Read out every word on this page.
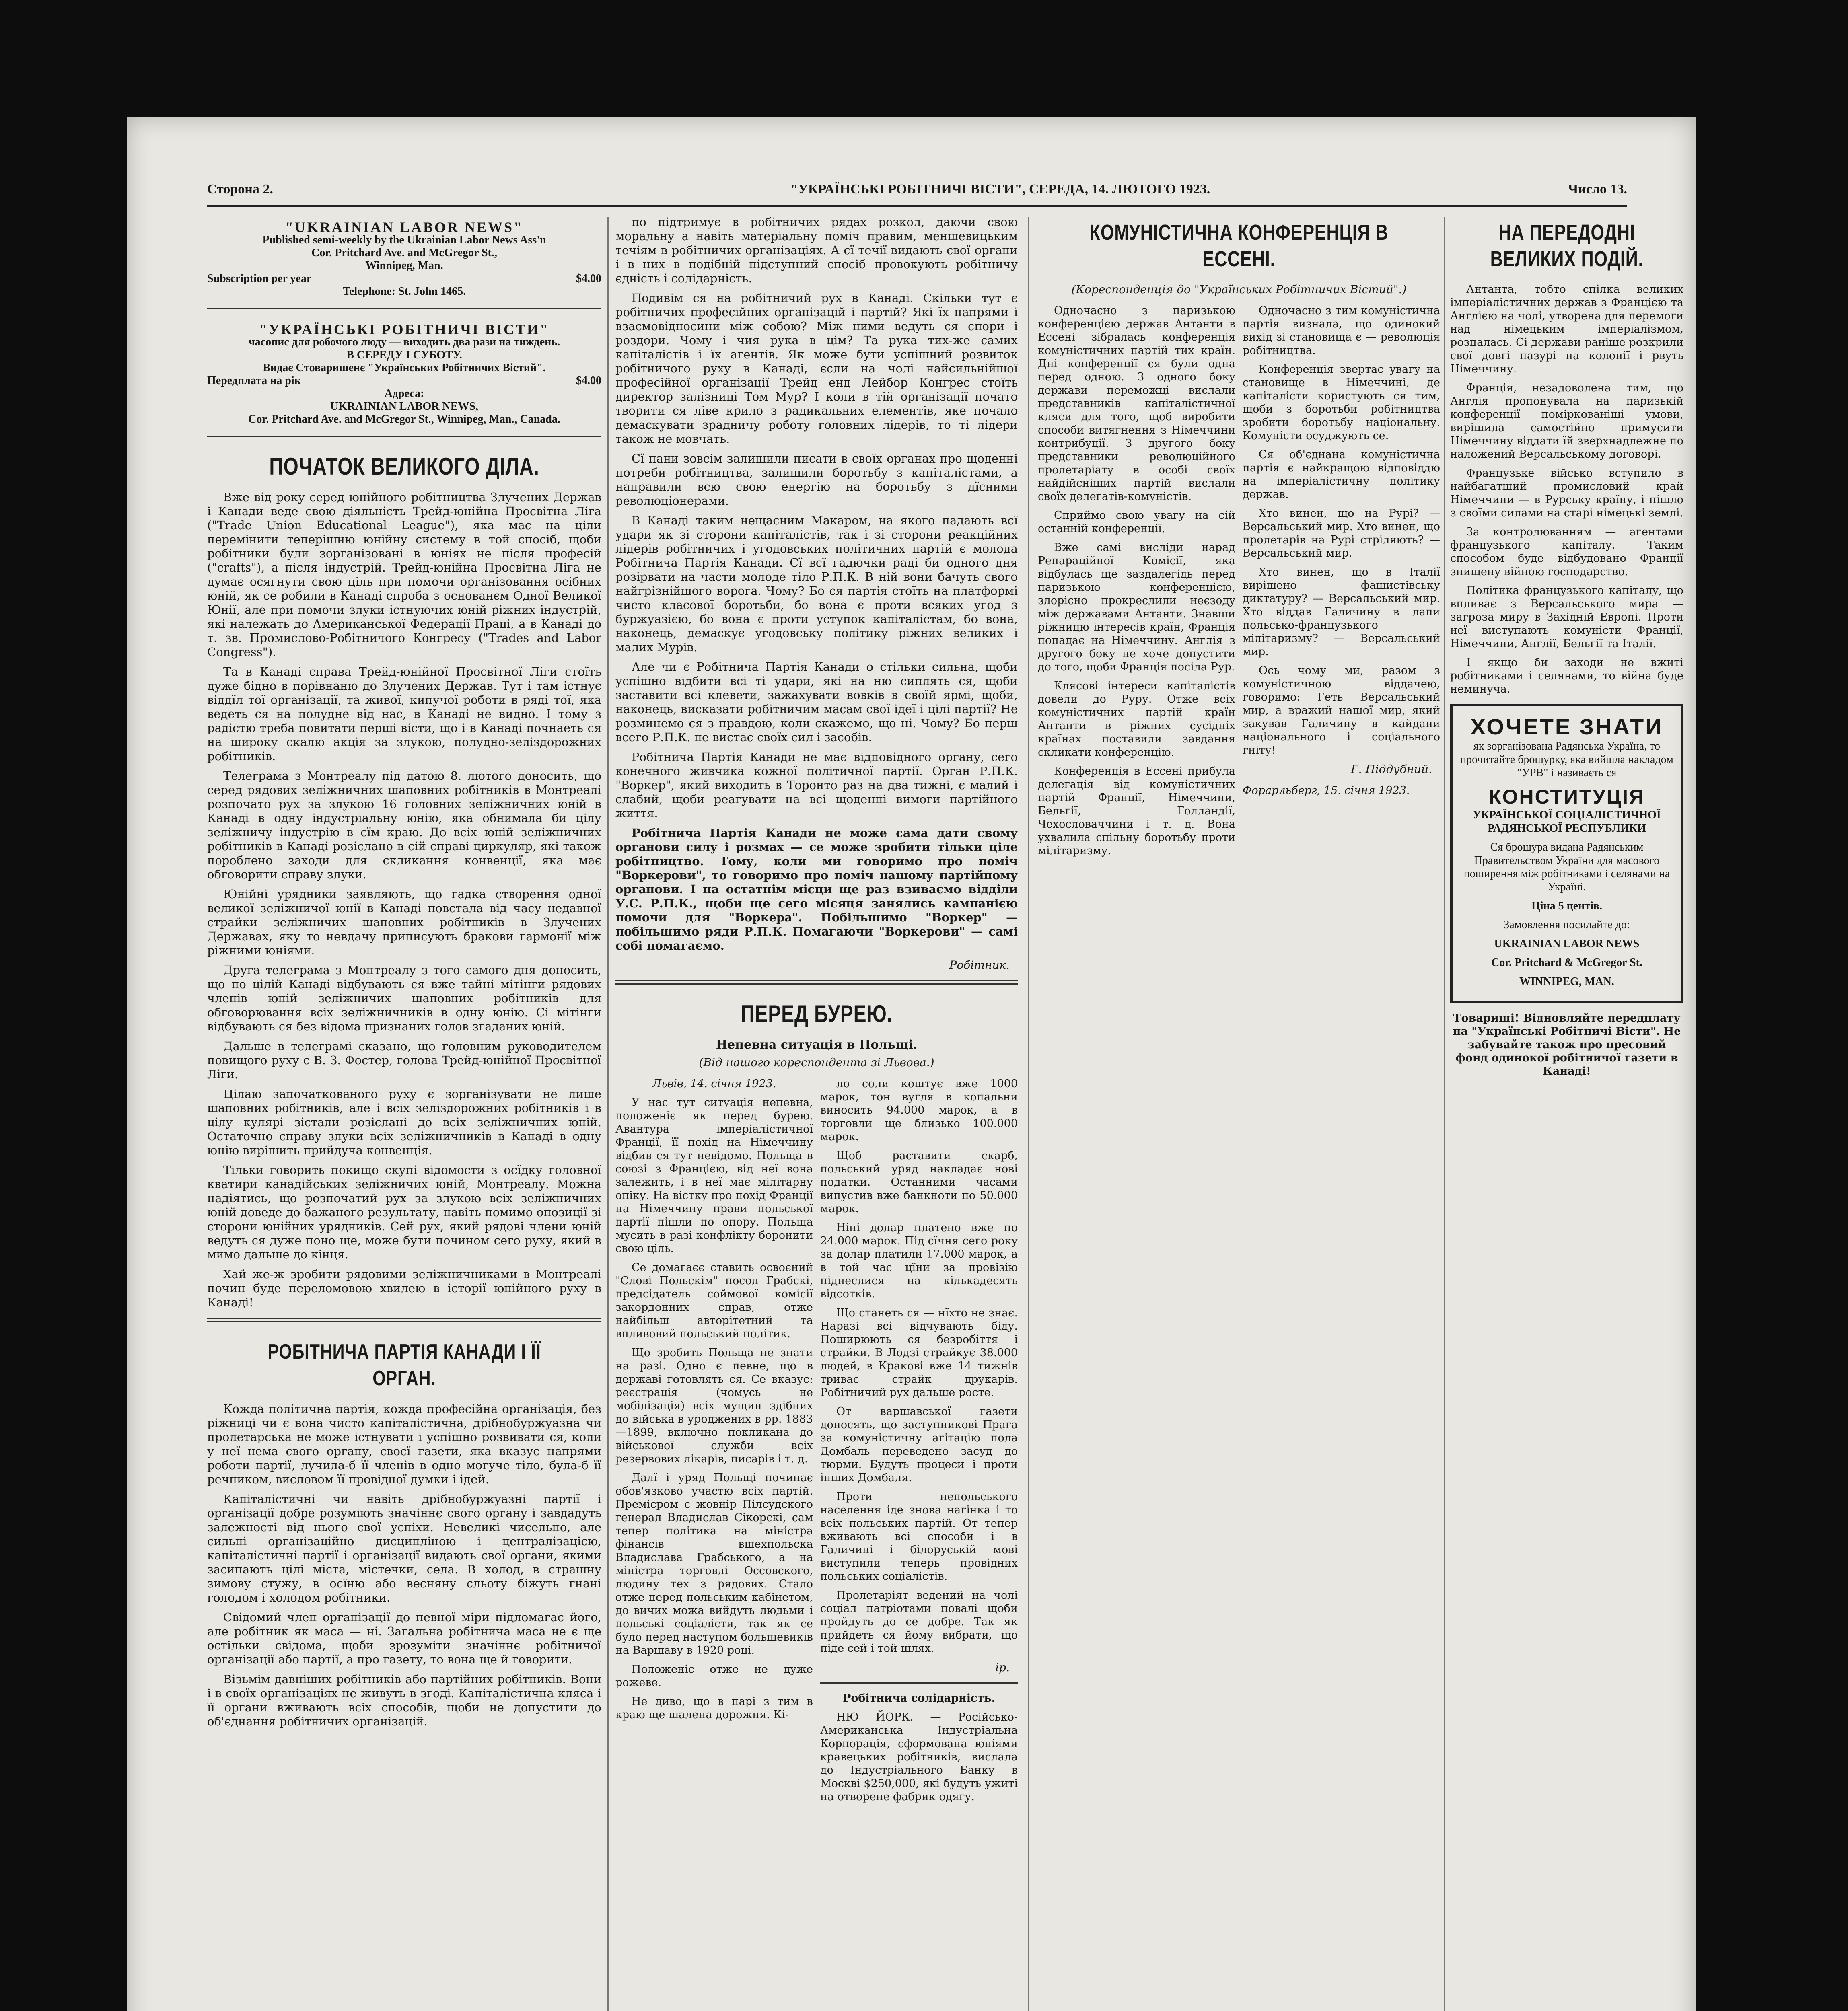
Сторона 2.	"УКРАЇНСЬКІ РОБІТНИЧІ ВІСТИ", СЕРЕДА, 14. ЛЮТОГО 1923.	Число 13.
"UKRAINIAN LABOR NEWS"
Published semi-weekly by the Ukrainian Labor News Ass'n
Cor. Pritchard Ave. and McGregor St.,
Winnipeg, Man.
Subscription per year	$4.00
Telephone: St. John 1465.
"УКРАЇНСЬКІ РОБІТНИЧІ ВІСТИ"
часопис для робочого люду — виходить два рази на тиждень.
В СЕРЕДУ І СУБОТУ.
Видає Стоваришенє "Українських Робітничих Вістий".
Передплата на рік	$4.00
Адреса:
UKRAINIAN LABOR NEWS,
Cor. Pritchard Ave. and McGregor St., Winnipeg, Man., Canada.
ПОЧАТОК ВЕЛИКОГО ДІЛА.

Вже від року серед юнійного робітництва Злучених Держав і Канади веде свою діяльність Трейд-юнійна Просвітна Ліга ("Trade Union Educational League"), яка має на ціли перемінити теперішню юнійну систему в той спосіб, щоби робітники були зорганізовані в юніях не після професій ("crafts"), а після індустрій. Трейд-юнійна Просвітна Ліга не думає осягнути свою ціль при помочи організовання осібних юній, як се робили в Канаді спроба з основанєм Одної Великої Юнії, але при помочи злуки істнуючих юній ріжних індустрій, які належать до Американської Федерації Праці, а в Канаді до т. зв. Промислово-Робітничого Конгресу ("Trades and Labor Congress").

Та в Канаді справа Трейд-юнійної Просвітної Ліги стоїть дуже бідно в порівнаню до Злучених Держав. Тут і там істнує віддїл тої організації, та живої, кипучої роботи в ряді тої, яка ведеть ся на полудне від нас, в Канаді не видно. І тому з радістю треба повитати перші вісти, що і в Канаді почнаеть ся на широку скалю акція за злукою, полудно-зеліздорожних робітників.

Телеграма з Монтреалу під датою 8. лютого доносить, що серед рядових зеліжничних шаповних робітників в Монтреалі розпочато рух за злукою 16 головних зеліжничних юній в Канаді в одну індустріальну юнію, яка обнимала би цілу зеліжничу індустрію в сїм краю. До всіх юній зеліжничних робітників в Канаді розіслано в сій справі циркуляр, які також пороблено заходи для скликання конвенції, яка має обговорити справу злуки.

Юнійні урядники заявляють, що гадка створення одної великої зеліжничої юнії в Канаді повстала від часу недавної страйки зеліжничих шаповних робітників в Злучених Державах, яку то невдачу приписують бракови гармонії між ріжними юніями.

Друга телеграма з Монтреалу з того самого дня доносить, що по цілій Канаді відбувають ся вже тайні мітінги рядових членів юній зеліжничих шаповних робітників для обговорювання всіх зеліжничників в одну юнію. Сі мітінги відбувають ся без відома признаних голов згаданих юній.

Дальше в телеграмі сказано, що головним руководителем повищого руху є В. З. Фостер, голова Трейд-юнійної Просвітної Ліги.

Цілаю започаткованого руху є зорганізувати не лише шаповних робітників, але і всіх зеліздорожних робітників і в цілу кулярі зістали розіслані до всіх зеліжничних юній. Остаточно справу злуки всіх зеліжничників в Канаді в одну юнію вирішить прийдуча конвенція.

Тільки говорить покищо скупі відомости з осїдку головної кватири канадійських зеліжничих юній, Монтреалу. Можна надіятись, що розпочатий рух за злукою всіх зеліжничних юній доведе до бажаного результату, навіть помимо опозиції зі сторони юнійних урядників. Сей рух, який рядові члени юній ведуть ся дуже поно ще, може бути почином сего руху, який в мимо дальше до кінця.

Хай же-ж зробити рядовими зеліжничниками в Монтреалі почин буде переломовою хвилею в історії юнійного руху в Канаді!

РОБІТНИЧА ПАРТІЯ КАНАДИ І ЇЇ ОРГАН.

Кожда політична партія, кожда професійна організація, без ріжниці чи є вона чисто капіталістична, дрібнобуржуазна чи пролетарська не може істнувати і успішно розвивати ся, коли у неї нема свого органу, своєї газети, яка вказує напрями роботи партії, лучила-б її членів в одно могуче тіло, була-б її речником, висловом її провідної думки і ідей.

Капіталістичні чи навіть дрібнобуржуазні партії і організації добре розуміють значіннє свого органу і завдадуть залежності від нього свої успіхи. Невеликі чисельно, але сильні організаційно дисципліною і централізацією, капіталістичні партії і організації видають свої органи, якими засипають цілі міста, містечки, села. В холод, в страшну зимову стужу, в осїню або весняну сльоту біжуть гнані голодом і холодом робітники.

Свідомий член організації до певної міри підломагає його, але робітник як маса — ні. Загальна робітнича маса не є ще остільки свідома, щоби зрозуміти значіннє робітничої організації або партії, а про газету, то вона ще й говорити.

Візьмім давніших робітників або партійних робітників. Вони і в своїх організаціях не живуть в згоді. Капіталістична кляса і її органи вживають всіх способів, щоби не допустити до об'єднання робітничих організацій.

по підтримує в робітничих рядах розкол, даючи свою моральну а навіть матеріальну поміч правим, меншевицьким течіям в робітничих організаціях. А сї течії видають свої органи і в них в подібній підступний спосіб провокують робітничу єдність і солідарність.

Подивім ся на робітничий рух в Канаді. Скільки тут є робітничих професійних організацій і партій? Які їх напрями і взаємовідносини між собою? Між ними ведуть ся спори і роздори. Чому і чия рука в цім? Та рука тих-же самих капіталістів і їх агентів. Як може бути успішний розвиток робітничого руху в Канаді, єсли на чолі найсильнійшої професійної організації Трейд енд Лейбор Конгрес стоїть директор залізниці Том Мур? І коли в тій організації почато творити ся ліве крило з радикальних елементів, яке почало демаскувати зрадничу роботу головних лідерів, то ті лідери також не мовчать.

Сї пани зовсім залишили писати в своїх органах про щоденні потреби робітництва, залишили боротьбу з капіталістами, а направили всю свою енергію на боротьбу з дїсними революціонерами.

В Канаді таким нещасним Макаром, на якого падають всї удари як зі сторони капіталістів, так і зі сторони реакційних лідерів робітничих і угодовських політичних партій є молода Робітнича Партія Канади. Сї всї гадючки раді би одного дня розірвати на части молоде тіло Р.П.К. В ній вони бачуть свого найгрізнійшого ворога. Чому? Бо ся партія стоїть на платформі чисто класової боротьби, бо вона є проти всяких угод з буржуазією, бо вона є проти уступок капіталістам, бо вона, наконець, демаскує угодовську політику ріжних великих і малих Мурів.

Але чи є Робітнича Партія Канади о стільки сильна, щоби успішно відбити всі ті удари, які на ню сиплять ся, щоби заставити всі клевети, зажахувати вовків в своїй ярмі, щоби, наконець, висказати робітничим масам свої ідеї і цілі партії? Не розминемо ся з правдою, коли скажемо, що ні. Чому? Бо перш всего Р.П.К. не вистає своїх сил і засобів.

Робітнича Партія Канади не має відповідного органу, сего конечного живчика кожної політичної партії. Орган Р.П.К. "Воркер", який виходить в Торонто раз на два тижні, є малий і слабий, щоби реагувати на всі щоденні вимоги партійного життя.

Робітнича Партія Канади не може сама дати свому органови силу і розмах — се може зробити тільки ціле робітництво. Тому, коли ми говоримо про поміч "Воркерови", то говоримо про поміч нашому партійному органови. І на остатнім місци ще раз взиваємо відділи У.С. Р.П.К., щоби ще сего місяця занялись кампанією помочи для "Воркера". Побільшимо "Воркер" — побільшимо ряди Р.П.К. Помагаючи "Воркерови" — самі собі помагаємо.

Робітник.
ПЕРЕД БУРЕЮ.
Непевна ситуація в Польщі.
(Від нашого кореспондента зі Львова.)

Львів, 14. січня 1923.

У нас тут ситуація непевна, положеніє як перед бурею. Авантура імперіалістичної Франції, її похід на Німеччину відбив ся тут невідомо. Польща в союзі з Францією, від неї вона залежить, і в неї має мілітарну опіку. На вістку про похід Франції на Німеччину прави польської партії пішли по опору. Польща мусить в разі конфлікту боронити свою ціль.

Се домагаєє ставить освоєний "Слові Польскім" посол Грабскі, предсідатель соймової комісії закордонних справ, отже найбільш авторітетний та впливовий польський політик.

Що зробить Польща не знати на разі. Одно є певне, що в державі готовлять ся. Се вказує: реєстрація (чомусь не мобілізація) всіх мущин здібних до війська в уроджених в рр. 1883—1899, включно покликана до військової служби всіх резервових лікарів, писарів і т. д.

Далї і уряд Польщі починає обов'язково участю всіх партій. Премієром є жовнір Пілсудского генерал Владислав Сікорскі, сам тепер політика на міністра фінансів вшехпольска Владислава Грабського, а на міністра торговлі Оссовского, людину тех з рядових. Стало отже перед польським кабінетом, до вичих можа вийдуть людьми і польські соціалісти, так як се було перед наступом большевиків на Варшаву в 1920 році.

Положеніє отже не дуже рожеве.

Не диво, що в парі з тим в краю ще шалена дорожня. Кі-

ло соли коштує вже 1000 марок, тон вугля в копальни виносить 94.000 марок, а в торговли ще близько 100.000 марок.

Щоб раставити скарб, польський уряд накладає нові податки. Останними часами випустив вже банкноти по 50.000 марок.

Ніні долар платено вже по 24.000 марок. Під сїчня сего року за долар платили 17.000 марок, а в той час цїни за провізію піднеслися на кількадесять відсотків.

Що станеть ся — нїхто не знає. Наразі всі відчувають біду. Поширюють ся безробіття і страйки. В Лодзі страйкує 38.000 людей, в Кракові вже 14 тижнів триває страйк друкарів. Робітничий рух дальше росте.

От варшавської газети доносять, що заступникові Прага за комуністичну агітацію пола Домбаль переведено засуд до тюрми. Будуть процеси і проти інших Домбаля.

Проти непольського населення іде знова нагінка і то всіх польських партій. От тепер вживають всі способи і в Галичині і білоруській мові виступили теперь провідних польських соціалістів.

Пролетаріят ведений на чолі соціал патріотами повалі щоби пройдуть до се добре. Так як прийдеть ся йому вибрати, що піде сей і той шлях.

ір.

Робітнича солідарність.

НЮ ЙОРК. — Російсько-Американська Індустріальна Корпорація, сформована юніями кравецьких робітників, вислала до Індустріального Банку в Москві $250,000, які будуть ужиті на отворене фабрик одягу.

КОМУНІСТИЧНА КОНФЕРЕНЦІЯ В ЕССЕНІ.
(Кореспонденція до "Українських Робітничих Вістий".)

Одночасно з паризькою конференцією держав Антанти в Ессені зібралась конференція комуністичних партій тих країн. Дні конференції ся були одна перед одною. З одного боку держави переможці вислали представників капіталістичної кляси для того, щоб виробити способи витягнення з Німеччини контрибуції. З другого боку представники революційного пролетаріату в особі своїх найдійсніших партій вислали своїх делегатів-комуністів.

Сприймо свою увагу на сій останній конференції.

Вже самі висліди нарад Репараційної Комісії, яка відбулась ще заздалегідь перед паризькою конференцією, злорісно прокреслили неєзоду між державами Антанти. Знавши ріжницю інтересів країн, Франція попадає на Німеччину. Англія з другого боку не хоче допустити до того, щоби Франція посіла Рур.

Клясові інтереси капіталістів довели до Руру. Отже всіх комуністичних партій країн Антанти в ріжних сусідніх країнах поставили завдання скликати конференцію.

Конференція в Ессені прибула делегація від комуністичних партій Франції, Німеччини, Бельгії, Голландії, Чехословаччини і т. д. Вона ухвалила спільну боротьбу проти мілітаризму.

Одночасно з тим комуністична партія визнала, що одинокий вихід зі становища є — революція робітництва.

Конференція звертає увагу на становище в Німеччині, де капіталісти користують ся тим, щоби з боротьби робітництва зробити боротьбу національну. Комуністи осуджують се.

Ся об'єднана комуністична партія є найкращою відповіддю на імперіалістичну політику держав.

Хто винен, що на Рурі? — Версальський мир. Хто винен, що пролетарів на Рурі стріляють? — Версальський мир.

Хто винен, що в Італії вирішено фашистівську диктатуру? — Версальський мир. Хто віддав Галичину в лапи польсько-французького мілітаризму? — Версальський мир.

Ось чому ми, разом з комуністичною віддачею, говоримо: Геть Версальський мир, а вражий нашої мир, який закував Галичину в кайдани національного і соціального гніту!

Г. Піддубний.

Форарльберг, 15. січня 1923.

НА ПЕРЕДОДНІ ВЕЛИКИХ ПОДІЙ.

Антанта, тобто спілка великих імперіалістичних держав з Францією та Англією на чолі, утворена для перемоги над німецьким імперіалізмом, розпалась. Сі держави раніше розкрили свої довгі пазурі на колонії і рвуть Німеччину.

Франція, незадоволена тим, що Англія пропонувала на паризькій конференції поміркованіші умови, вирішила самостійно примусити Німеччину віддати їй зверхнадлежне по наложений Версальському договорі.

Французьке військо вступило в найбагатший промисловий край Німеччини — в Рурську країну, і пішло з своїми силами на старі німецькі землі.

За контролюванням — агентами французького капіталу. Таким способом буде відбудовано Франції знищену війною господарство.

Політика французького капіталу, що впливає з Версальського мира — загроза миру в Західній Европі. Проти неї виступають комуністи Франції, Німеччини, Англії, Бельгії та Італії.

І якщо би заходи не вжиті робітниками і селянами, то війна буде неминуча.

ХОЧЕТЕ ЗНАТИ

як зорганізована Радянська Україна, то прочитайте брошурку, яка вийшла накладом "УРВ" і називаєть ся

КОНСТИТУЦІЯ

УКРАЇНСЬКОЇ СОЦІАЛІСТИЧНОЇ РАДЯНСЬКОЇ РЕСПУБЛИКИ

Ся брошура видана Радянським Правительством України для масового поширення між робітниками і селянами на Україні.

Ціна 5 центів.

Замовлення посилайте до:

UKRAINIAN LABOR NEWS

Cor. Pritchard & McGregor St.

WINNIPEG, MAN.

Товариші! Відновляйте передплату на "Українські Робітничі Вісти". Не забувайте також про пресовий фонд одинокої робітничої газети в Канаді!
